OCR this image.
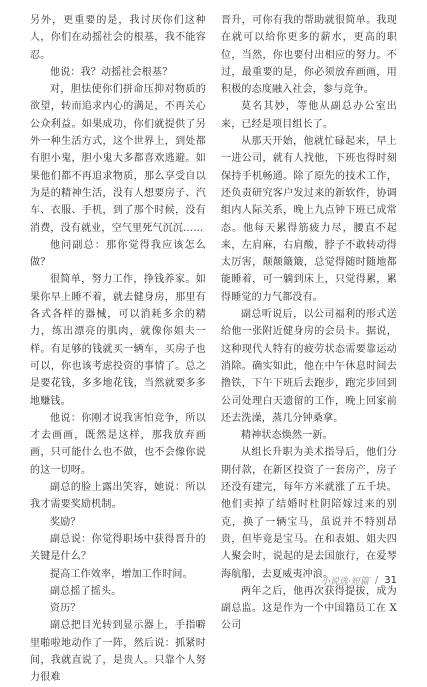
另外，更重要的是，我讨厌你们这种人，你们在动摇社会的根基，我不能容忍。

他说：我？动摇社会根基？

对，胆怯使你们拼命压抑对物质的欲望，转而追求内心的满足，不再关心公众利益。如果成功，你们就提供了另外一种生活方式，这个世界上，到处都有胆小鬼，胆小鬼大多都喜欢逃避。如果他们都不再追求物质，那么享受自以为是的精神生活，没有人想要房子、汽车、衣服、手机，到了那个时候，没有消费，没有就业，空气里死气沉沉……

他问副总：那你觉得我应该怎么做？

很简单，努力工作，挣钱养家。如果你早上睡不着，就去健身房，那里有各式各样的器械，可以消耗多余的精力，练出漂亮的肌肉，就像你姐夫一样。有足够的钱就买一辆车，买房子也可以，你也该考虑投资的事情了。总之是要花钱，多多地花钱，当然就要多多地赚钱。

他说：你刚才说我害怕竞争，所以才去画画，既然是这样，那我放弃画画，只可能什么也不做，也不会像你说的这一切呀。

副总的脸上露出笑容，她说：所以我才需要奖励机制。

奖励？

副总说：你觉得职场中获得晋升的关键是什么？

提高工作效率，增加工作时间。

副总摇了摇头。

资历？

副总把目光转到显示器上，手指噼里啪啦地动作了一阵，然后说：抓紧时间，我就直说了，是贵人。只靠个人努力很难

晋升，可你有我的帮助就很简单。我现在就可以给你更多的薪水，更高的职位，当然，你也要付出相应的努力。不过，最重要的是，你必须放弃画画，用积极的态度融入社会，参与竞争。

莫名其妙，等他从副总办公室出来，已经是项目组长了。

从那天开始，他就忙碌起来，早上一进公司，就有人找他，下班也得时刻保持手机畅通。除了原先的技术工作，还负责研究客户发过来的新软件，协调组内人际关系，晚上九点钟下班已成常态。他每天累得筋疲力尽，腰直不起来，左肩麻，右肩酸，脖子不敢转动得太厉害，颠颠簸簸，总觉得随时随地都能睡着，可一躺到床上，只觉得累，累得睡觉的力气都没有。

副总听说后，以公司福利的形式送给他一张附近健身房的会员卡。据说，这种现代人特有的疲劳状态需要靠运动消除。确实如此，他在中午休息时间去撸铁，下午下班后去跑步，跑完步回到公司处理白天遗留的工作，晚上回家前还去洗澡，蒸几分钟桑拿。

精神状态焕然一新。

从组长升职为美术指导后，他们分期付款，在新区投资了一套房产，房子还没有建完，每年方米就涨了五千块。他们卖掉了结婚时杜阴陪嫁过来的别克，换了一辆宝马，虽说并不特别昂贵，但毕竟是宝马。在和表姐、姐夫四人聚会时，说起的是去国旅行，在爱琴海航船，去夏威夷冲浪。

两年之后，他再次获得提拔，成为副总监。这是作为一个中国籍员工在 X 公司

小说选·短篇 / 31
